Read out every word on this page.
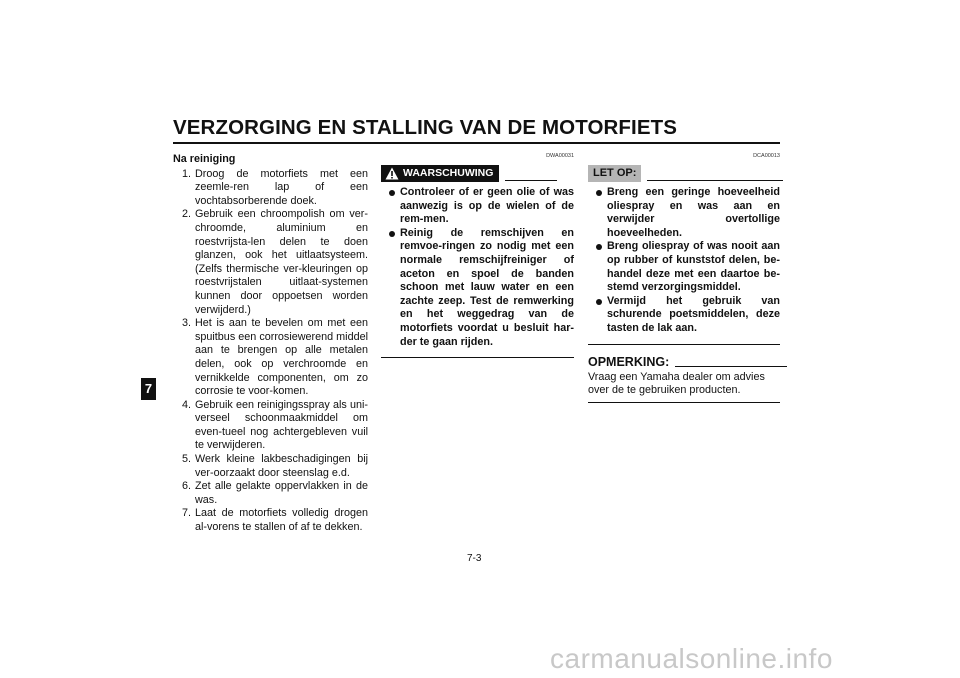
VERZORGING EN STALLING VAN DE MOTORFIETS
7
Na reiniging
1. Droog de motorfiets met een zeemle-ren lap of een vochtabsorberende doek.
2. Gebruik een chroompolish om ver-chroomde, aluminium en roestvrijsta-len delen te doen glanzen, ook het uitlaatsysteem. (Zelfs thermische ver-kleuringen op roestvrijstalen uitlaat-systemen kunnen door oppoetsen worden verwijderd.)
3. Het is aan te bevelen om met een spuitbus een corrosiewerend middel aan te brengen op alle metalen delen, ook op verchroomde en vernikkelde componenten, om zo corrosie te voor-komen.
4. Gebruik een reinigingsspray als uni-verseel schoonmaakmiddel om even-tueel nog achtergebleven vuil te verwijderen.
5. Werk kleine lakbeschadigingen bij ver-oorzaakt door steenslag e.d.
6. Zet alle gelakte oppervlakken in de was.
7. Laat de motorfiets volledig drogen al-vorens te stallen of af te dekken.
DWA00031
WAARSCHUWING
Controleer of er geen olie of was aanwezig is op de wielen of de rem-men.
Reinig de remschijven en remvoe-ringen zo nodig met een normale remschijfreiniger of aceton en spoel de banden schoon met lauw water en een zachte zeep. Test de remwerking en het weggedrag van de motorfiets voordat u besluit har-der te gaan rijden.
DCA00013
LET OP:
Breng een geringe hoeveelheid oliespray en was aan en verwijder overtollige hoeveelheden.
Breng oliespray of was nooit aan op rubber of kunststof delen, be-handel deze met een daartoe be-stemd verzorgingsmiddel.
Vermijd het gebruik van schurende poetsmiddelen, deze tasten de lak aan.
OPMERKING:
Vraag een Yamaha dealer om advies over de te gebruiken producten.
7-3
carmanualsonline.info
